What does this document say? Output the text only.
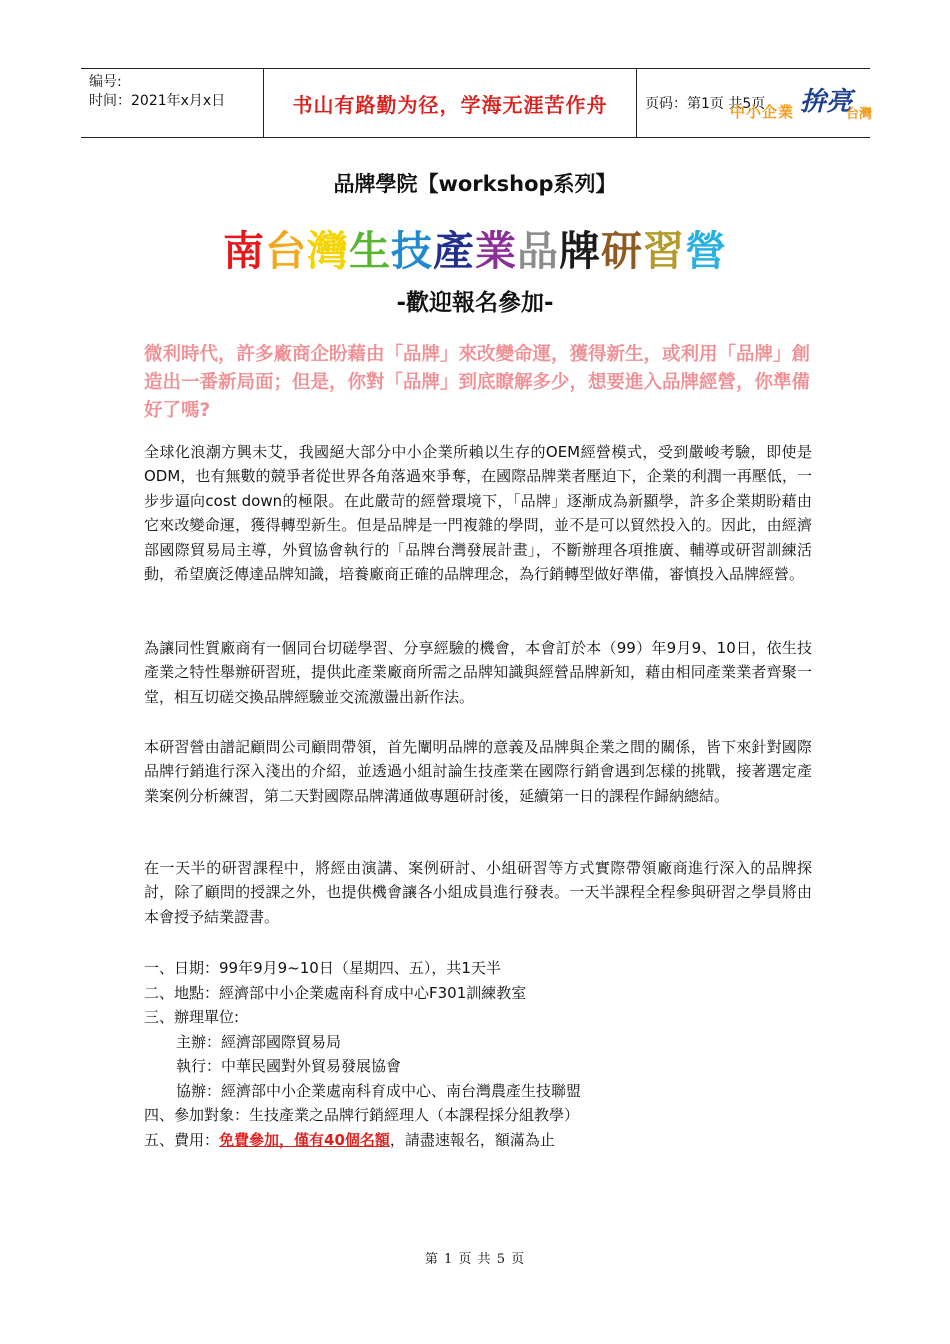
编号:
时间：2021年x月x日	书山有路勤为径，学海无涯苦作舟	页码：第1页 共5页
中小企業 拚亮
台灣
品牌學院【workshop系列】
南台灣生技產業品牌研習營
-歡迎報名參加-
微利時代，許多廠商企盼藉由「品牌」來改變命運，獲得新生，或利用「品牌」創造出一番新局面；但是，你對「品牌」到底瞭解多少，想要進入品牌經營，你準備好了嗎?
全球化浪潮方興未艾，我國絕大部分中小企業所賴以生存的OEM經營模式，受到嚴峻考驗，即使是ODM，也有無數的競爭者從世界各角落過來爭奪，在國際品牌業者壓迫下，企業的利潤一再壓低，一步步逼向cost down的極限。在此嚴苛的經營環境下，「品牌」逐漸成為新顯學，許多企業期盼藉由它來改變命運，獲得轉型新生。但是品牌是一門複雜的學問，並不是可以貿然投入的。因此，由經濟部國際貿易局主導，外貿協會執行的「品牌台灣發展計畫」，不斷辦理各項推廣、輔導或研習訓練活動，希望廣泛傳達品牌知識，培養廠商正確的品牌理念，為行銷轉型做好準備，審慎投入品牌經營。
為讓同性質廠商有一個同台切磋學習、分享經驗的機會，本會訂於本（99）年9月9、10日，依生技產業之特性舉辦研習班，提供此產業廠商所需之品牌知識與經營品牌新知，藉由相同產業業者齊聚一堂，相互切磋交換品牌經驗並交流激盪出新作法。
本研習營由譜記顧問公司顧問帶領，首先闡明品牌的意義及品牌與企業之間的關係，皆下來針對國際品牌行銷進行深入淺出的介紹，並透過小組討論生技產業在國際行銷會遇到怎樣的挑戰，接著選定產業案例分析練習，第二天對國際品牌溝通做專題研討後，延續第一日的課程作歸納總結。
在一天半的研習課程中，將經由演講、案例研討、小組研習等方式實際帶領廠商進行深入的品牌探討，除了顧問的授課之外，也提供機會讓各小組成員進行發表。一天半課程全程參與研習之學員將由本會授予結業證書。
一、日期：99年9月9~10日（星期四、五），共1天半
二、地點：經濟部中小企業處南科育成中心F301訓練教室
三、辦理單位:
主辦：經濟部國際貿易局
執行：中華民國對外貿易發展協會
協辦：經濟部中小企業處南科育成中心、南台灣農產生技聯盟
四、參加對象：生技產業之品牌行銷經理人（本課程採分組教學）
五、費用：免費參加，僅有40個名額，請盡速報名，額滿為止
第 1 页 共 5 页
